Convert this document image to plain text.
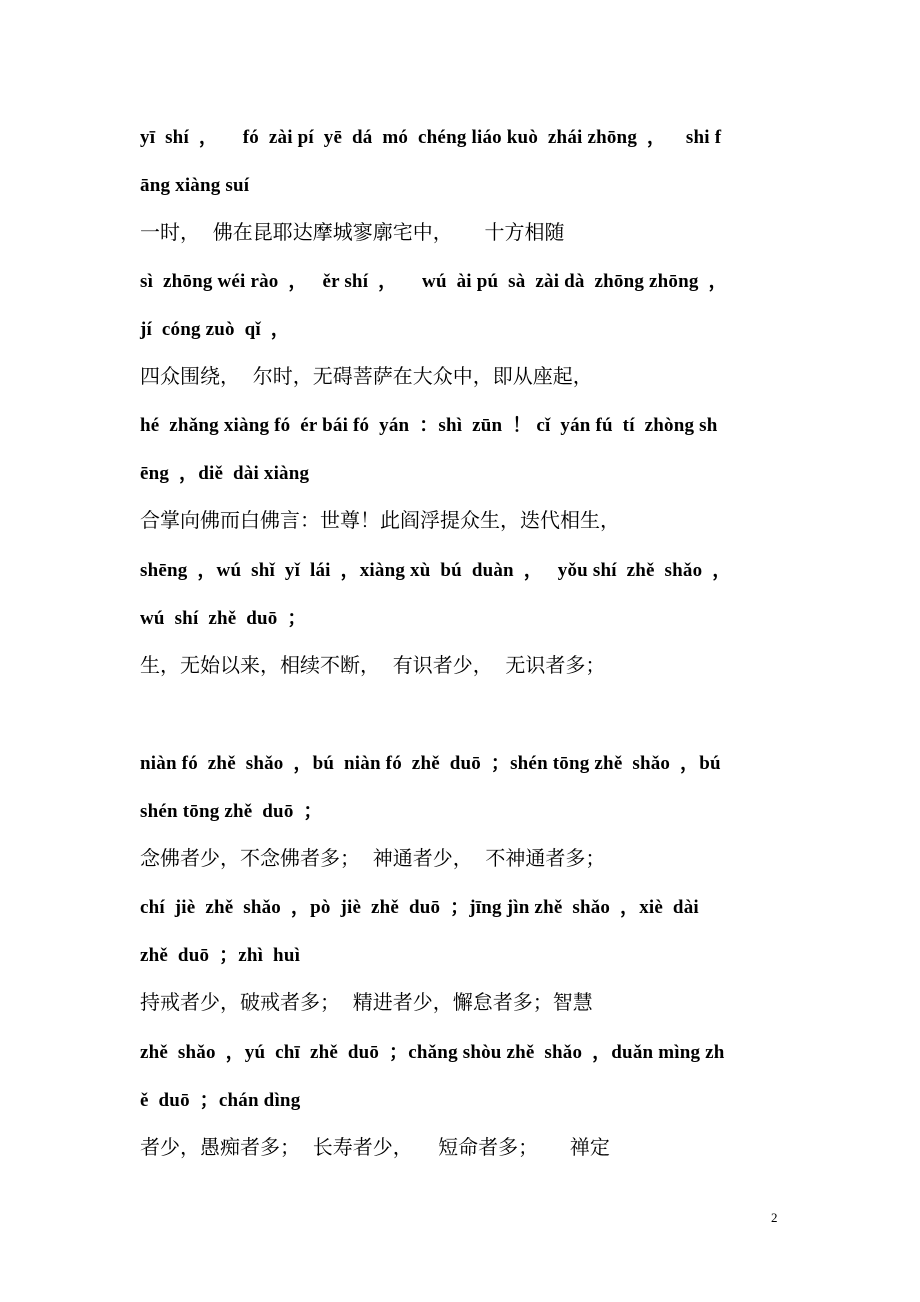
yī  shí  ，     fó  zài pí  yē  dá  mó  chéng liáo kuò  zhái zhōng  ，    shi f
āng xiàng suí
一时，  佛在昆耶达摩城寥廓宅中，     十方相随
sì  zhōng wéi rào  ，   ěr shí  ，     wú  ài pú  sà  zài dà  zhōng zhōng  ，
jí  cóng zuò  qǐ  ，
四众围绕，  尔时，无碍菩萨在大众中，即从座起，
hé  zhǎng xiàng fó  ér bái fó  yán  ：shì  zūn  ！ cǐ  yán fú  tí  zhòng sh
ēng  ，diě  dài xiàng
合掌向佛而白佛言：世尊！此阎浮提众生，迭代相生，
shēng  ，wú  shǐ  yǐ  lái  ，xiàng xù  bú  duàn  ，   yǒu shí  zhě  shǎo  ，
wú  shí  zhě  duō  ；
生，无始以来，相续不断，  有识者少，  无识者多；
niàn fó  zhě  shǎo  ，bú  niàn fó  zhě  duō  ；shén tōng zhě  shǎo  ，bú
shén tōng zhě  duō  ；
念佛者少，不念佛者多；  神通者少，  不神通者多；
chí  jiè  zhě  shǎo  ，pò  jiè  zhě  duō  ；jīng jìn zhě  shǎo  ，xiè  dài
zhě  duō  ；zhì  huì
持戒者少，破戒者多；  精进者少，懈怠者多；智慧
zhě  shǎo  ，yú  chī  zhě  duō  ；chǎng shòu zhě  shǎo  ，duǎn mìng zh
ě  duō  ；chán dìng
者少，愚痴者多；  长寿者少，    短命者多；     禅定
2
